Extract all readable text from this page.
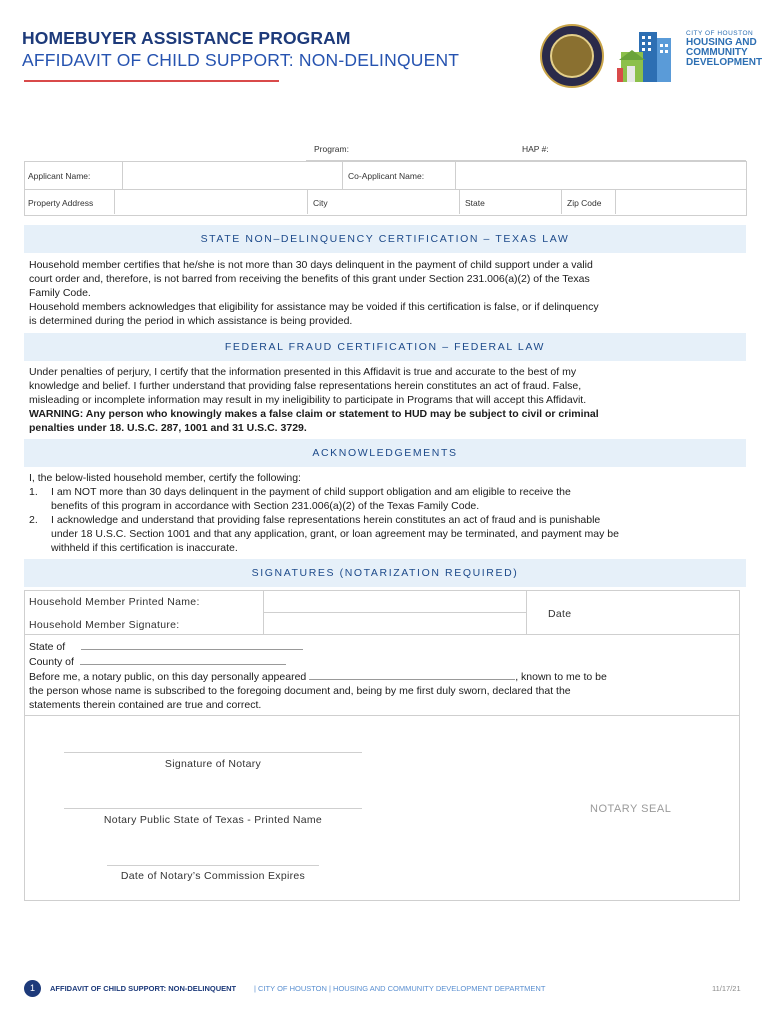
HOMEBUYER ASSISTANCE PROGRAM
AFFIDAVIT OF CHILD SUPPORT: NON-DELINQUENT
CITY OF HOUSTON
HOUSING AND
COMMUNITY
DEVELOPMENT
Program:	HAP #:
Applicant Name:	Co-Applicant Name:
Property Address	City	State	Zip Code
STATE NON–DELINQUENCY CERTIFICATION – TEXAS LAW
Household member certifies that he/she is not more than 30 days delinquent in the payment of child support under a valid
court order and, therefore, is not barred from receiving the benefits of this grant under Section 231.006(a)(2) of the Texas
Family Code.
Household members acknowledges that eligibility for assistance may be voided if this certification is false, or if delinquency
is determined during the period in which assistance is being provided.
FEDERAL FRAUD CERTIFICATION – FEDERAL LAW
Under penalties of perjury, I certify that the information presented in this Affidavit is true and accurate to the best of my
knowledge and belief. I further understand that providing false representations herein constitutes an act of fraud. False,
misleading or incomplete information may result in my ineligibility to participate in Programs that will accept this Affidavit.
WARNING: Any person who knowingly makes a false claim or statement to HUD may be subject to civil or criminal
penalties under 18. U.S.C. 287, 1001 and 31 U.S.C. 3729.
ACKNOWLEDGEMENTS
I, the below-listed household member, certify the following:
1. I am NOT more than 30 days delinquent in the payment of child support obligation and am eligible to receive the
benefits of this program in accordance with Section 231.006(a)(2) of the Texas Family Code.
2. I acknowledge and understand that providing false representations herein constitutes an act of fraud and is punishable
under 18 U.S.C. Section 1001 and that any application, grant, or loan agreement may be terminated, and payment may be
withheld if this certification is inaccurate.
SIGNATURES (NOTARIZATION REQUIRED)
Household Member Printed Name:
Household Member Signature:
Date
State of
County of
Before me, a notary public, on this day personally appeared	, known to me to be
the person whose name is subscribed to the foregoing document and, being by me first duly sworn, declared that the
statements therein contained are true and correct.
Signature of Notary
Notary Public State of Texas - Printed Name
Date of Notary’s Commission Expires
NOTARY SEAL
1	AFFIDAVIT OF CHILD SUPPORT: NON-DELINQUENT | CITY OF HOUSTON | HOUSING AND COMMUNITY DEVELOPMENT DEPARTMENT	11/17/21
